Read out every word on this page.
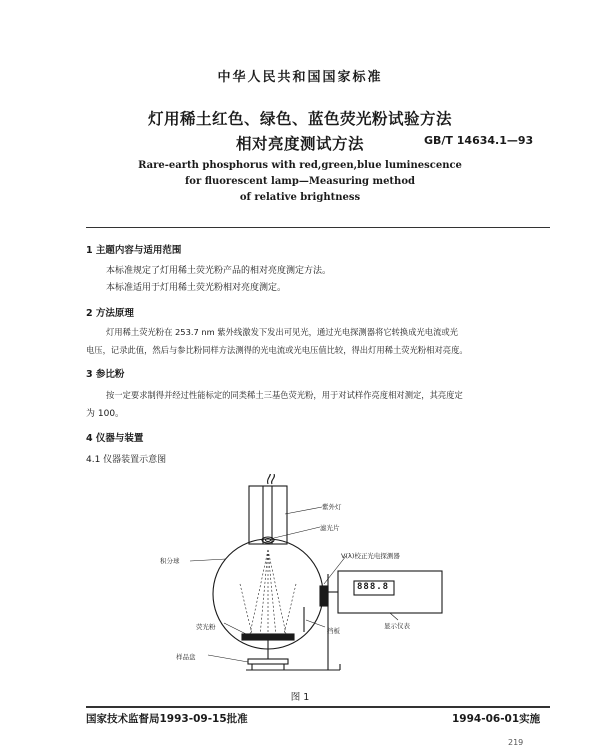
中华人民共和国国家标准
灯用稀土红色、绿色、蓝色荧光粉试验方法
相对亮度测试方法	GB/T 14634.1—93
Rare-earth phosphorus with red,green,blue luminescence
for fluorescent lamp—Measuring method
of relative brightness
1 主题内容与适用范围
本标准规定了灯用稀土荧光粉产品的相对亮度测定方法。
本标准适用于灯用稀土荧光粉相对亮度测定。
2 方法原理
灯用稀土荧光粉在 253.7 nm 紫外线激发下发出可见光，通过光电探测器将它转换成光电流或光
电压，记录此值，然后与参比粉同样方法测得的光电流或光电压值比较，得出灯用稀土荧光粉相对亮度。
3 参比粉
按一定要求制得并经过性能标定的同类稀土三基色荧光粉，用于对试样作亮度相对测定，其亮度定
为 100。
4 仪器与装置
4.1 仪器装置示意图
紫外灯
滤光片
积分球
V(λ)校正光电探测器
荧光粉	挡板
显示仪表
样品盘
888.8
图 1
国家技术监督局1993-09-15批准	1994-06-01实施
219
